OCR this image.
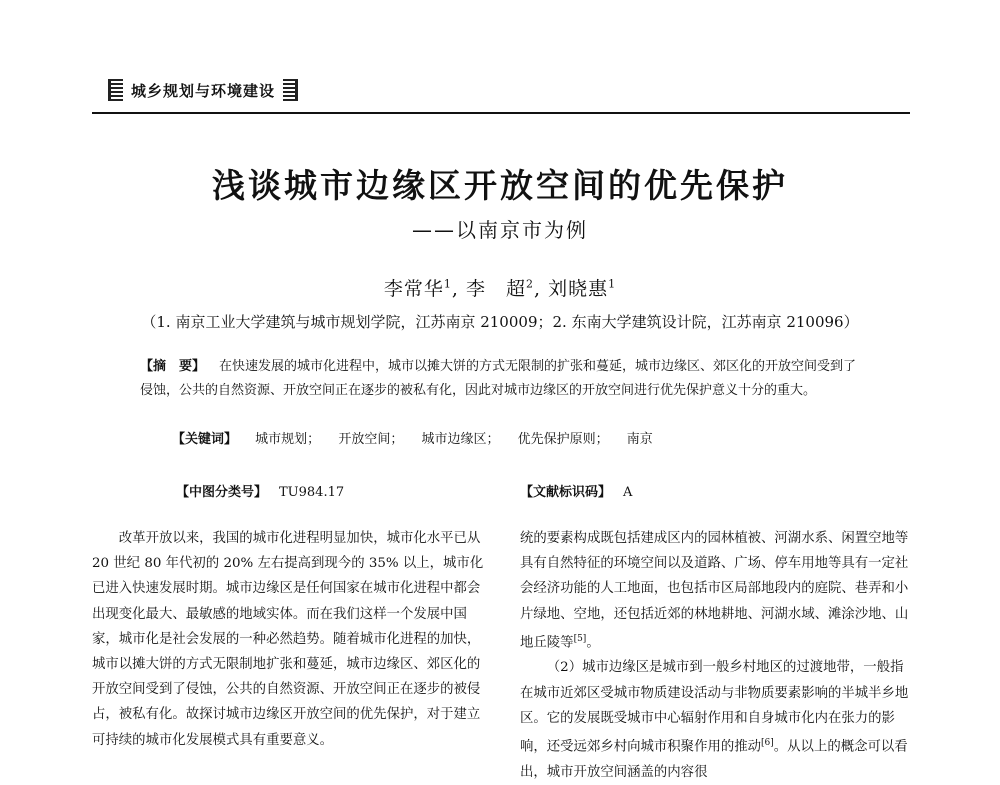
城乡规划与环境建设
浅谈城市边缘区开放空间的优先保护
——以南京市为例
李常华$^1$, 李　超$^2$, 刘晓惠$^1$
（1. 南京工业大学建筑与城市规划学院，江苏南京 210009；2. 东南大学建筑设计院，江苏南京 210096）
【摘　要】 在快速发展的城市化进程中，城市以摊大饼的方式无限制的扩张和蔓延，城市边缘区、郊区化的开放空间受到了侵蚀，公共的自然资源、开放空间正在逐步的被私有化，因此对城市边缘区的开放空间进行优先保护意义十分的重大。
【关键词】 城市规划； 开放空间； 城市边缘区； 优先保护原则； 南京
【中图分类号】 TU984.17	【文献标识码】 A

改革开放以来，我国的城市化进程明显加快，城市化水平已从 20 世纪 80 年代初的 20% 左右提高到现今的 35% 以上，城市化已进入快速发展时期。城市边缘区是任何国家在城市化进程中都会出现变化最大、最敏感的地域实体。而在我们这样一个发展中国家，城市化是社会发展的一种必然趋势。随着城市化进程的加快，城市以摊大饼的方式无限制地扩张和蔓延，城市边缘区、郊区化的开放空间受到了侵蚀，公共的自然资源、开放空间正在逐步的被侵占，被私有化。故探讨城市边缘区开放空间的优先保护，对于建立可持续的城市化发展模式具有重要意义。

统的要素构成既包括建成区内的园林植被、河湖水系、闲置空地等具有自然特征的环境空间以及道路、广场、停车用地等具有一定社会经济功能的人工地面，也包括市区局部地段内的庭院、巷弄和小片绿地、空地，还包括近郊的林地耕地、河湖水域、滩涂沙地、山地丘陵等[5]。

（2）城市边缘区是城市到一般乡村地区的过渡地带，一般指在城市近郊区受城市物质建设活动与非物质要素影响的半城半乡地区。它的发展既受城市中心辐射作用和自身城市化内在张力的影响，还受远郊乡村向城市积聚作用的推动[6]。从以上的概念可以看出，城市开放空间涵盖的内容很
